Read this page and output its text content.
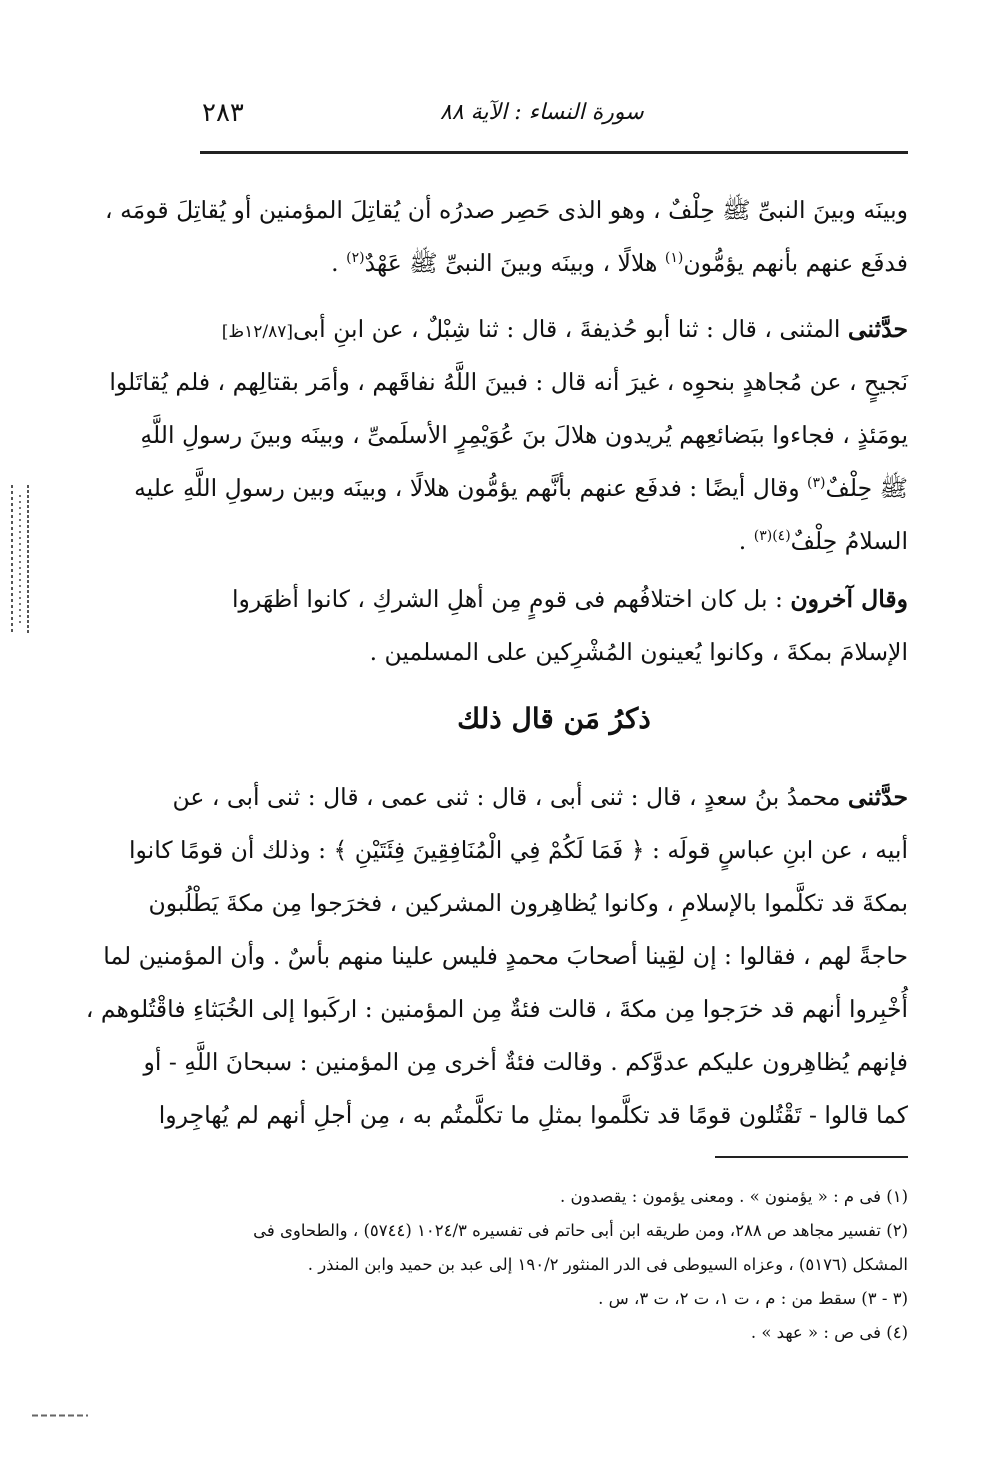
٢٨٣	سورة النساء : الآية ٨٨
وبينَه وبينَ النبىِّ ﷺ حِلْفٌ ، وهو الذى حَصِر صدرُه أن يُقاتِلَ المؤمنين أو يُقاتِلَ قومَه ،
فدفَع عنهم بأنهم يؤمُّون$^{(١)}$ هلالًا ، وبينَه وبينَ النبىِّ ﷺ عَهْدٌ$^{(٢)}$ .
حدَّثنى المثنى ، قال : ثنا أبو حُذيفةَ ، قال : ثنا شِبْلٌ ، عن ابنِ أبى[١٢/٨٧ظ]
نَجيحٍ ، عن مُجاهدٍ بنحوِه ، غيرَ أنه قال : فبينَ اللَّهُ نفاقَهم ، وأمَر بقتالِهم ، فلم يُقاتَلوا
يومَئذٍ ، فجاءوا ببَضائعِهم يُريدون هلالَ بنَ عُوَيْمِرٍ الأسلَمىِّ ، وبينَه وبينَ رسولِ اللَّهِ
ﷺ حِلْفٌ$^{(٣)}$ وقال أيضًا : فدفَع عنهم بأنَّهم يؤمُّون هلالًا ، وبينَه وبين رسولِ اللَّهِ عليه
السلامُ حِلْفٌ$^{(٤)(٣)}$ .
وقال آخرون : بل كان اختلافُهم فى قومٍ مِن أهلِ الشركِ ، كانوا أظهَروا
الإسلامَ بمكةَ ، وكانوا يُعينون المُشْرِكين على المسلمين .
ذكرُ مَن قال ذلك
حدَّثنى محمدُ بنُ سعدٍ ، قال : ثنى أبى ، قال : ثنى عمى ، قال : ثنى أبى ، عن
أبيه ، عن ابنِ عباسٍ قولَه : ﴿ فَمَا لَكُمْ فِي الْمُنَافِقِينَ فِئَتَيْنِ ﴾ : وذلك أن قومًا كانوا
بمكةَ قد تكلَّموا بالإسلامِ ، وكانوا يُظاهِرون المشركين ، فخرَجوا مِن مكةَ يَطْلُبون
حاجةً لهم ، فقالوا : إن لقِينا أصحابَ محمدٍ فليس علينا منهم بأسٌ . وأن المؤمنين لما
أُخْبِروا أنهم قد خرَجوا مِن مكةَ ، قالت فئةٌ مِن المؤمنين : اركَبوا إلى الخُبَثاءِ فاقْتُلوهم ،
فإنهم يُظاهِرون عليكم عدوَّكم . وقالت فئةٌ أخرى مِن المؤمنين : سبحانَ اللَّهِ - أو
كما قالوا - تَقْتُلون قومًا قد تكلَّموا بمثلِ ما تكلَّمتُم به ، مِن أجلِ أنهم لم يُهاجِروا
(١) فى م : « يؤمنون » . ومعنى يؤمون : يقصدون .
(٢) تفسير مجاهد ص ٢٨٨، ومن طريقه ابن أبى حاتم فى تفسيره ١٠٢٤/٣ (٥٧٤٤) ، والطحاوى فى
المشكل (٥١٧٦) ، وعزاه السيوطى فى الدر المنثور ١٩٠/٢ إلى عبد بن حميد وابن المنذر .
(٣ - ٣) سقط من : م ، ت ١، ت ٢، ت ٣، س .
(٤) فى ص : « عهد » .
